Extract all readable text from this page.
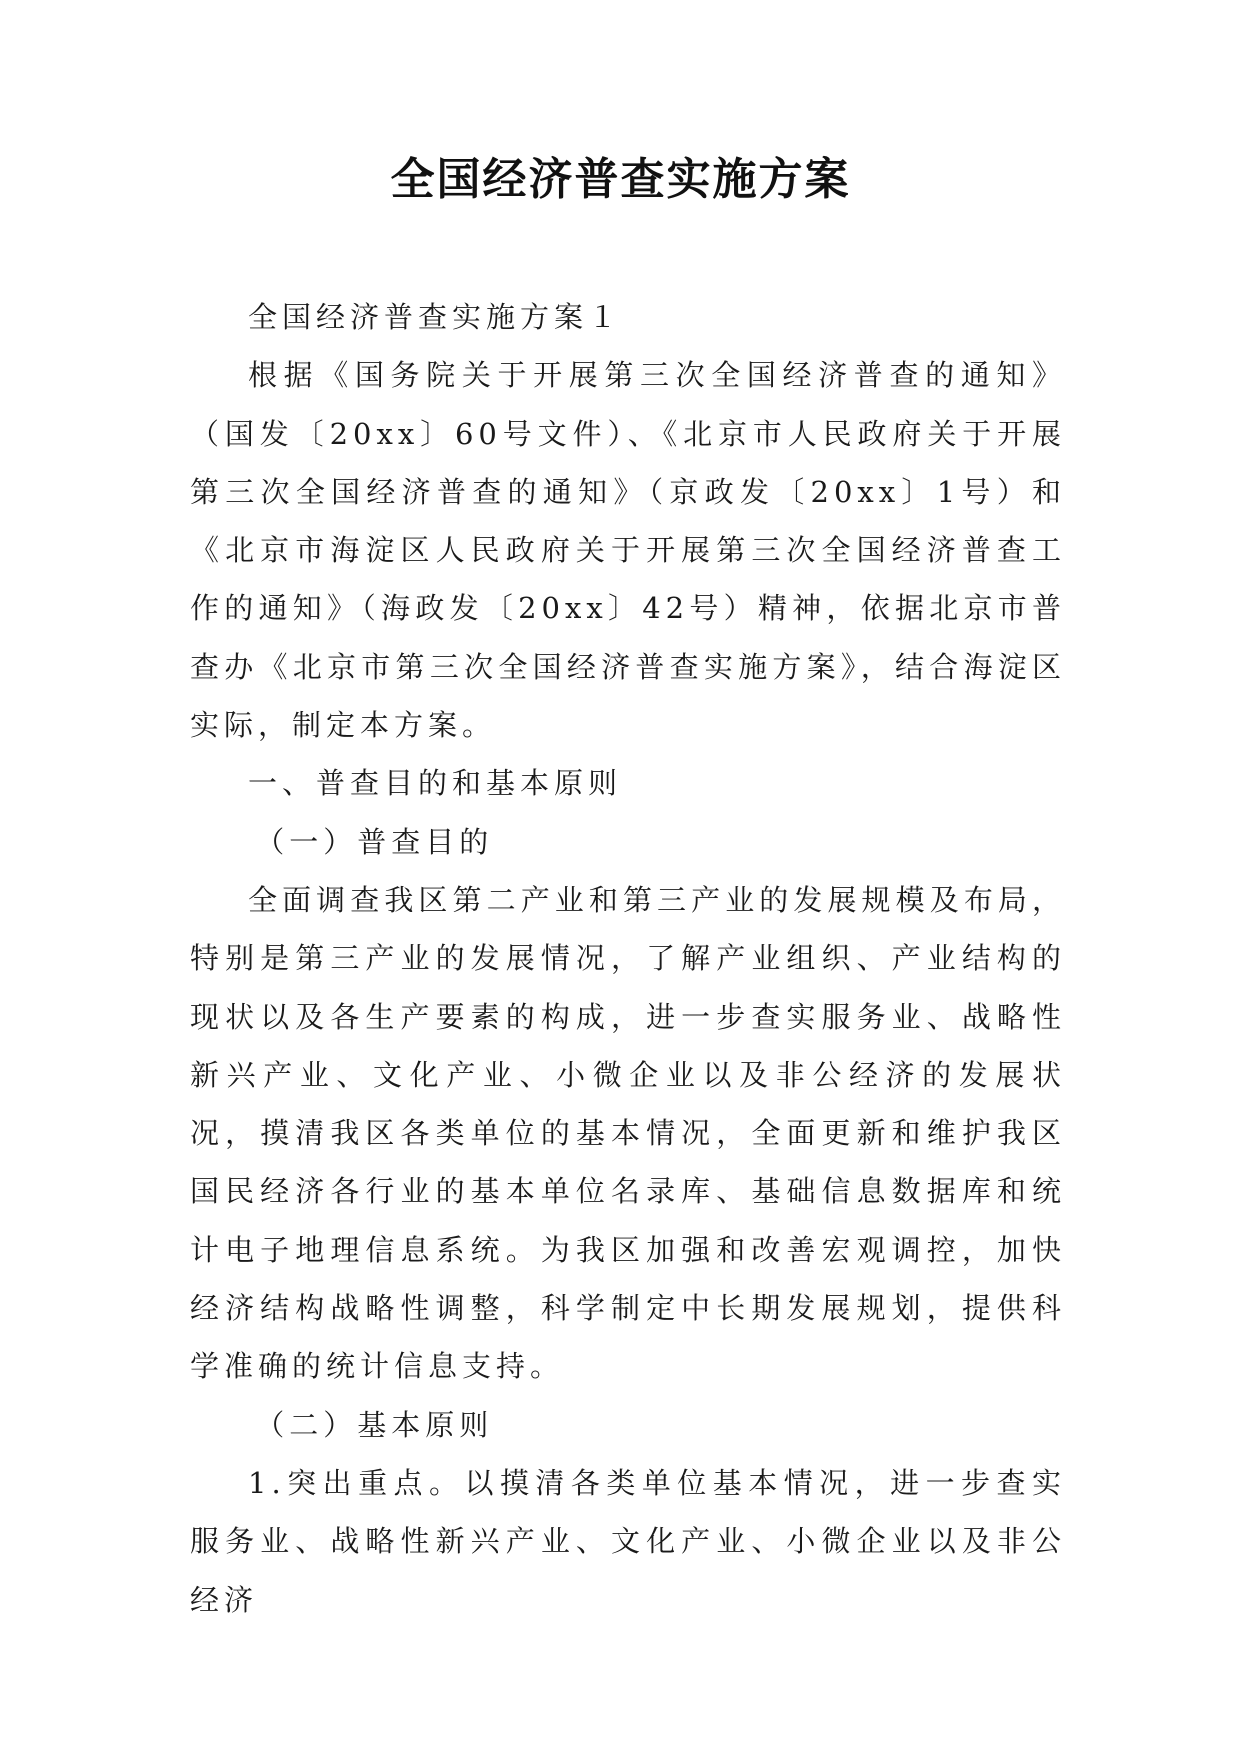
全国经济普查实施方案

全国经济普查实施方案１

根据《国务院关于开展第三次全国经济普查的通知》（国发〔20xx〕60号文件）、《北京市人民政府关于开展第三次全国经济普查的通知》（京政发〔20xx〕1号）和《北京市海淀区人民政府关于开展第三次全国经济普查工作的通知》（海政发〔20xx〕42号）精神，依据北京市普查办《北京市第三次全国经济普查实施方案》，结合海淀区实际，制定本方案。

一、普查目的和基本原则

（一）普查目的

全面调查我区第二产业和第三产业的发展规模及布局，特别是第三产业的发展情况，了解产业组织、产业结构的现状以及各生产要素的构成，进一步查实服务业、战略性新兴产业、文化产业、小微企业以及非公经济的发展状况，摸清我区各类单位的基本情况，全面更新和维护我区国民经济各行业的基本单位名录库、基础信息数据库和统计电子地理信息系统。为我区加强和改善宏观调控，加快经济结构战略性调整，科学制定中长期发展规划，提供科学准确的统计信息支持。

（二）基本原则

1.突出重点。以摸清各类单位基本情况，进一步查实服务业、战略性新兴产业、文化产业、小微企业以及非公经济
